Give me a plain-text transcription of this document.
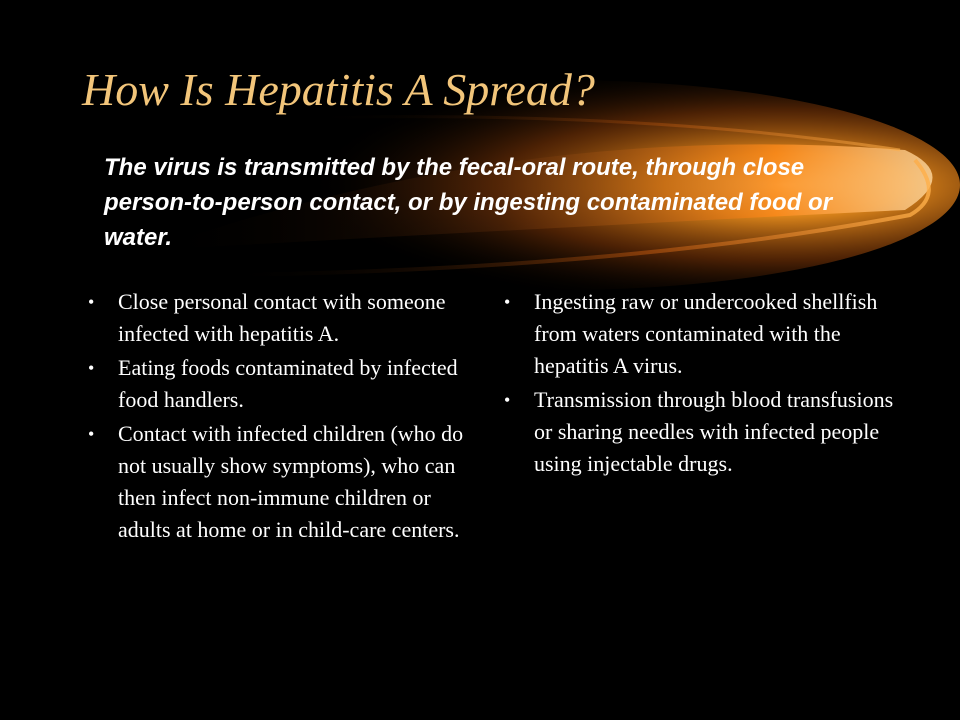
How Is Hepatitis A Spread?

The virus is transmitted by the fecal-oral route, through close person-to-person contact, or by ingesting contaminated food or water.

• Close personal contact with someone infected with hepatitis A.
• Eating foods contaminated by infected food handlers.
• Contact with infected children (who do not usually show symptoms), who can then infect non-immune children or adults at home or in child-care centers.
• Ingesting raw or undercooked shellfish from waters contaminated with the hepatitis A virus.
• Transmission through blood transfusions or sharing needles with infected people using injectable drugs.
